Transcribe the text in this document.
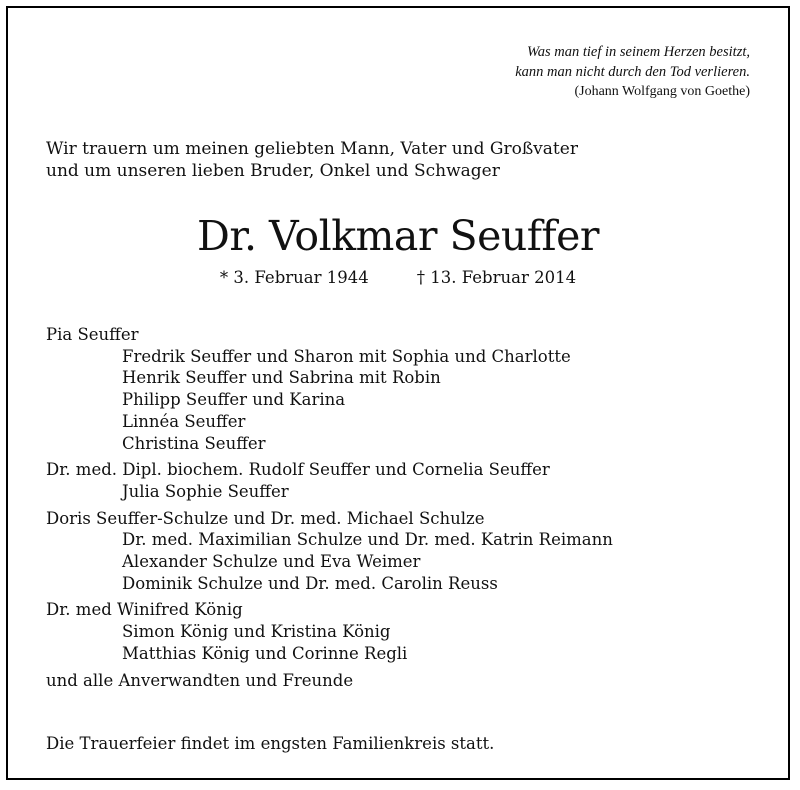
Was man tief in seinem Herzen besitzt,
kann man nicht durch den Tod verlieren.
(Johann Wolfgang von Goethe)
Wir trauern um meinen geliebten Mann, Vater und Großvater
und um unseren lieben Bruder, Onkel und Schwager
Dr. Volkmar Seuffer
* 3. Februar 1944	† 13. Februar 2014
Pia Seuffer
Fredrik Seuffer und Sharon mit Sophia und Charlotte
Henrik Seuffer und Sabrina mit Robin
Philipp Seuffer und Karina
Linnéa Seuffer
Christina Seuffer
Dr. med. Dipl. biochem. Rudolf Seuffer und Cornelia Seuffer
Julia Sophie Seuffer
Doris Seuffer-Schulze und Dr. med. Michael Schulze
Dr. med. Maximilian Schulze und Dr. med. Katrin Reimann
Alexander Schulze und Eva Weimer
Dominik Schulze und Dr. med. Carolin Reuss
Dr. med Winifred König
Simon König und Kristina König
Matthias König und Corinne Regli
und alle Anverwandten und Freunde
Die Trauerfeier findet im engsten Familienkreis statt.
